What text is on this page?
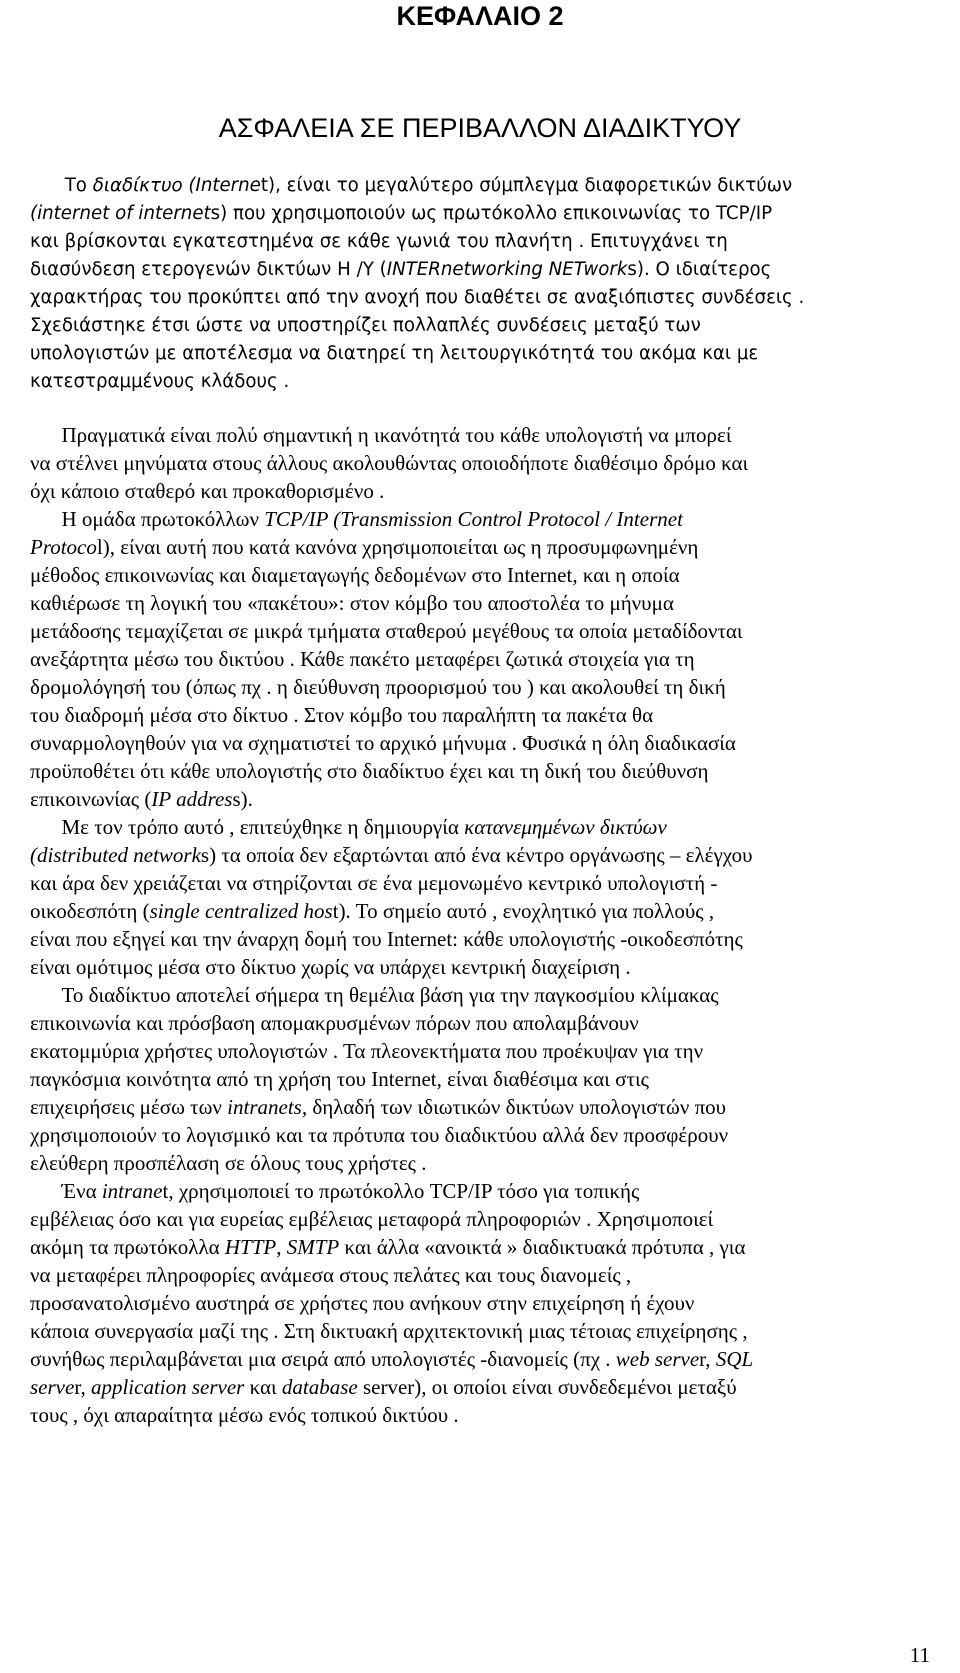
ΚΕΦΑΛΑΙΟ 2
ΑΣΦΑΛΕΙΑ ΣΕ ΠΕΡΙΒΑΛΛΟΝ ΔΙΑΔΙΚΤΥΟΥ
Το διαδίκτυο (Internet), είναι το μεγαλύτερο σύμπλεγμα διαφορετικών δικτύων
(internet of internets) που χρησιμοποιούν ως πρωτόκολλο επικοινωνίας το TCP/IP
και βρίσκονται εγκατεστημένα σε κάθε γωνιά του πλανήτη . Επιτυγχάνει τη
διασύνδεση ετερογενών δικτύων Η /Υ (INTERnetworking NETworks). Ο ιδιαίτερος
χαρακτήρας του προκύπτει από την ανοχή που διαθέτει σε αναξιόπιστες συνδέσεις .
Σχεδιάστηκε έτσι ώστε να υποστηρίζει πολλαπλές συνδέσεις μεταξύ των
υπολογιστών με αποτέλεσμα να διατηρεί τη λειτουργικότητά του ακόμα και με
κατεστραμμένους κλάδους .
Πραγματικά είναι πολύ σημαντική η ικανότητά του κάθε υπολογιστή να μπορεί
να στέλνει μηνύματα στους άλλους ακολουθώντας οποιοδήποτε διαθέσιμο δρόμο και
όχι κάποιο σταθερό και προκαθορισμένο .
Η ομάδα πρωτοκόλλων TCP/IP (Transmission Control Protocol / Internet
Protocol), είναι αυτή που κατά κανόνα χρησιμοποιείται ως η προσυμφωνημένη
μέθοδος επικοινωνίας και διαμεταγωγής δεδομένων στο Internet, και η οποία
καθιέρωσε τη λογική του «πακέτου»: στον κόμβο του αποστολέα το μήνυμα
μετάδοσης τεμαχίζεται σε μικρά τμήματα σταθερού μεγέθους τα οποία μεταδίδονται
ανεξάρτητα μέσω του δικτύου . Κάθε πακέτο μεταφέρει ζωτικά στοιχεία για τη
δρομολόγησή του (όπως πχ . η διεύθυνση προορισμού του ) και ακολουθεί τη δική
του διαδρομή μέσα στο δίκτυο . Στον κόμβο του παραλήπτη τα πακέτα θα
συναρμολογηθούν για να σχηματιστεί το αρχικό μήνυμα . Φυσικά η όλη διαδικασία
προϋποθέτει ότι κάθε υπολογιστής στο διαδίκτυο έχει και τη δική του διεύθυνση
επικοινωνίας (IP address).
Με τον τρόπο αυτό , επιτεύχθηκε η δημιουργία κατανεμημένων δικτύων
(distributed networks) τα οποία δεν εξαρτώνται από ένα κέντρο οργάνωσης – ελέγχου
και άρα δεν χρειάζεται να στηρίζονται σε ένα μεμονωμένο κεντρικό υπολογιστή -
οικοδεσπότη (single centralized host). Το σημείο αυτό , ενοχλητικό για πολλούς ,
είναι που εξηγεί και την άναρχη δομή του Internet: κάθε υπολογιστής -οικοδεσπότης
είναι ομότιμος μέσα στο δίκτυο χωρίς να υπάρχει κεντρική διαχείριση .
Το διαδίκτυο αποτελεί σήμερα τη θεμέλια βάση για την παγκοσμίου κλίμακας
επικοινωνία και πρόσβαση απομακρυσμένων πόρων που απολαμβάνουν
εκατομμύρια χρήστες υπολογιστών . Τα πλεονεκτήματα που προέκυψαν για την
παγκόσμια κοινότητα από τη χρήση του Internet, είναι διαθέσιμα και στις
επιχειρήσεις μέσω των intranets, δηλαδή των ιδιωτικών δικτύων υπολογιστών που
χρησιμοποιούν το λογισμικό και τα πρότυπα του διαδικτύου αλλά δεν προσφέρουν
ελεύθερη προσπέλαση σε όλους τους χρήστες .
Ένα intranet, χρησιμοποιεί το πρωτόκολλο TCP/IP τόσο για τοπικής
εμβέλειας όσο και για ευρείας εμβέλειας μεταφορά πληροφοριών . Χρησιμοποιεί
ακόμη τα πρωτόκολλα HTTP, SMTP και άλλα «ανοικτά » διαδικτυακά πρότυπα , για
να μεταφέρει πληροφορίες ανάμεσα στους πελάτες και τους διανομείς ,
προσανατολισμένο αυστηρά σε χρήστες που ανήκουν στην επιχείρηση ή έχουν
κάποια συνεργασία μαζί της . Στη δικτυακή αρχιτεκτονική μιας τέτοιας επιχείρησης ,
συνήθως περιλαμβάνεται μια σειρά από υπολογιστές -διανομείς (πχ . web server, SQL
server, application server και database server), οι οποίοι είναι συνδεδεμένοι μεταξύ
τους , όχι απαραίτητα μέσω ενός τοπικού δικτύου .
11
